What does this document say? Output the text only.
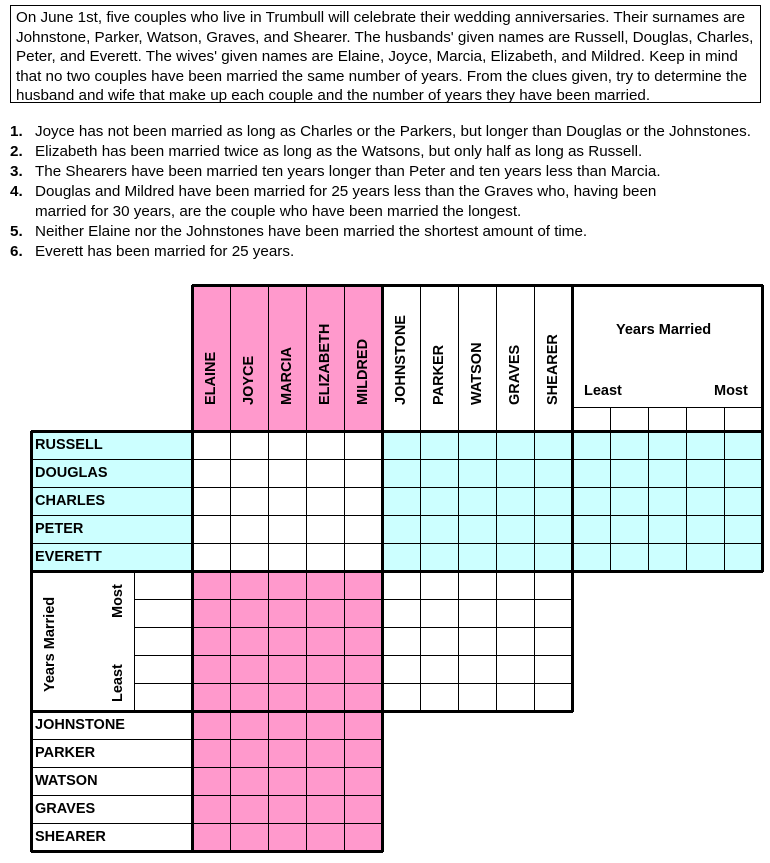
On June 1st, five couples who live in Trumbull will celebrate their wedding anniversaries. Their surnames are Johnstone, Parker, Watson, Graves, and Shearer. The husbands' given names are Russell, Douglas, Charles, Peter, and Everett. The wives' given names are Elaine, Joyce, Marcia, Elizabeth, and Mildred. Keep in mind that no two couples have been married the same number of years. From the clues given, try to determine the husband and wife that make up each couple and the number of years they have been married.
1. Joyce has not been married as long as Charles or the Parkers, but longer than Douglas or the Johnstones.
2. Elizabeth has been married twice as long as the Watsons, but only half as long as Russell.
3. The Shearers have been married ten years longer than Peter and ten years less than Marcia.
4. Douglas and Mildred have been married for 25 years less than the Graves who, having been
married for 30 years, are the couple who have been married the longest.
5. Neither Elaine nor the Johnstones have been married the shortest amount of time.
6. Everett has been married for 25 years.
ELAINE JOYCE MARCIA ELIZABETH MILDRED JOHNSTONE PARKER WATSON GRAVES SHEARER
RUSSELL
DOUGLAS
CHARLES
PETER
EVERETT
JOHNSTONE
PARKER
WATSON
GRAVES
SHEARER
Years Married
Least	Most
Years Married	Least
Most
